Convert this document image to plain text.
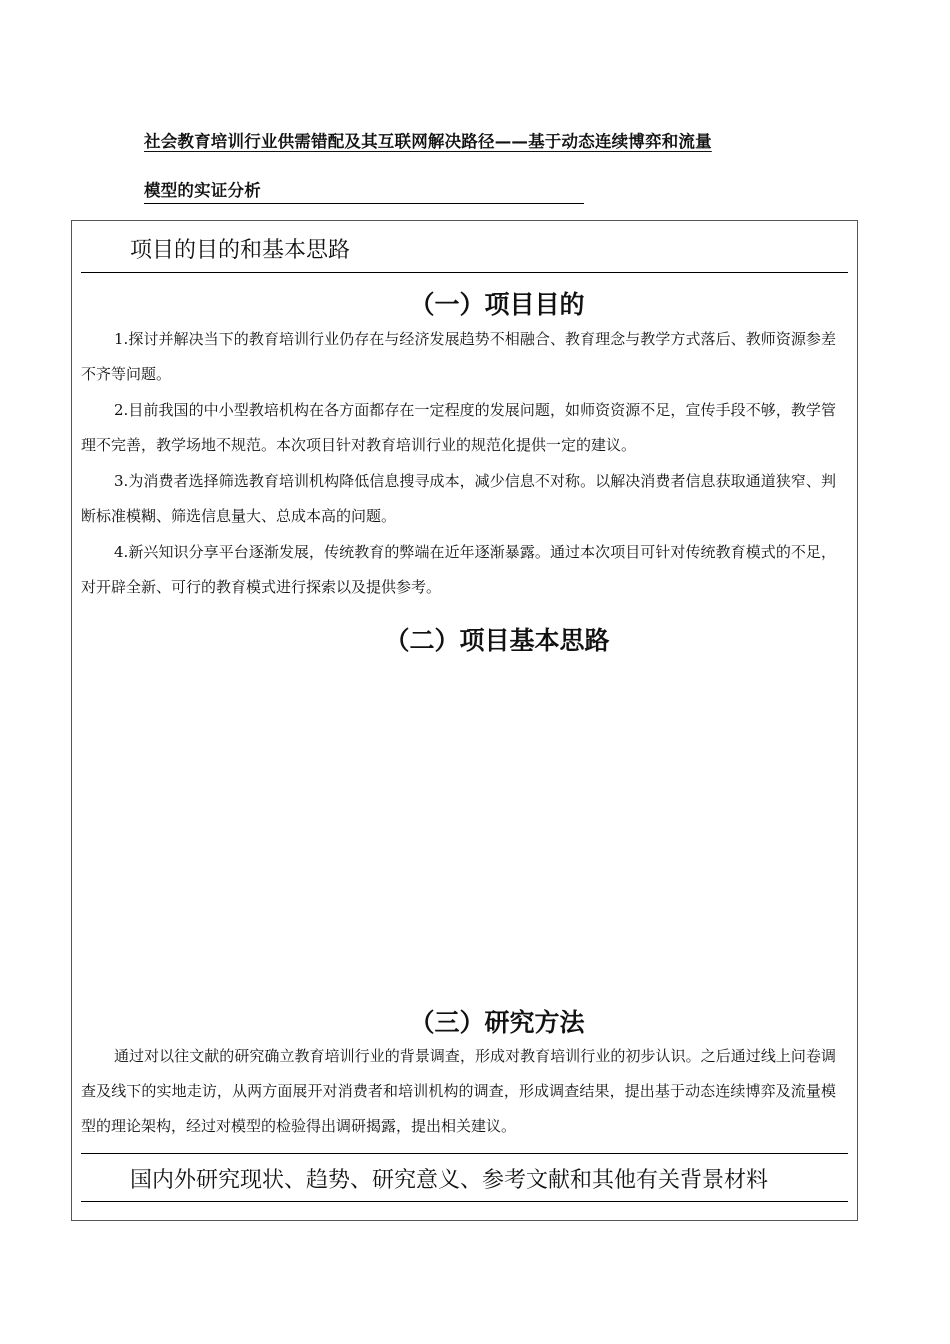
社会教育培训行业供需错配及其互联网解决路径——基于动态连续博弈和流量
模型的实证分析
项目的目的和基本思路
（一）项目目的

1.探讨并解决当下的教育培训行业仍存在与经济发展趋势不相融合、教育理念与教学方式落后、教师资源参差不齐等问题。

2.目前我国的中小型教培机构在各方面都存在一定程度的发展问题，如师资资源不足，宣传手段不够，教学管理不完善，教学场地不规范。本次项目针对教育培训行业的规范化提供一定的建议。

3.为消费者选择筛选教育培训机构降低信息搜寻成本，减少信息不对称。以解决消费者信息获取通道狭窄、判断标准模糊、筛选信息量大、总成本高的问题。

4.新兴知识分享平台逐渐发展，传统教育的弊端在近年逐渐暴露。通过本次项目可针对传统教育模式的不足，对开辟全新、可行的教育模式进行探索以及提供参考。

（二）项目基本思路
（三）研究方法

通过对以往文献的研究确立教育培训行业的背景调查，形成对教育培训行业的初步认识。之后通过线上问卷调查及线下的实地走访，从两方面展开对消费者和培训机构的调查，形成调查结果，提出基于动态连续博弈及流量模型的理论架构，经过对模型的检验得出调研揭露，提出相关建议。

国内外研究现状、趋势、研究意义、参考文献和其他有关背景材料
